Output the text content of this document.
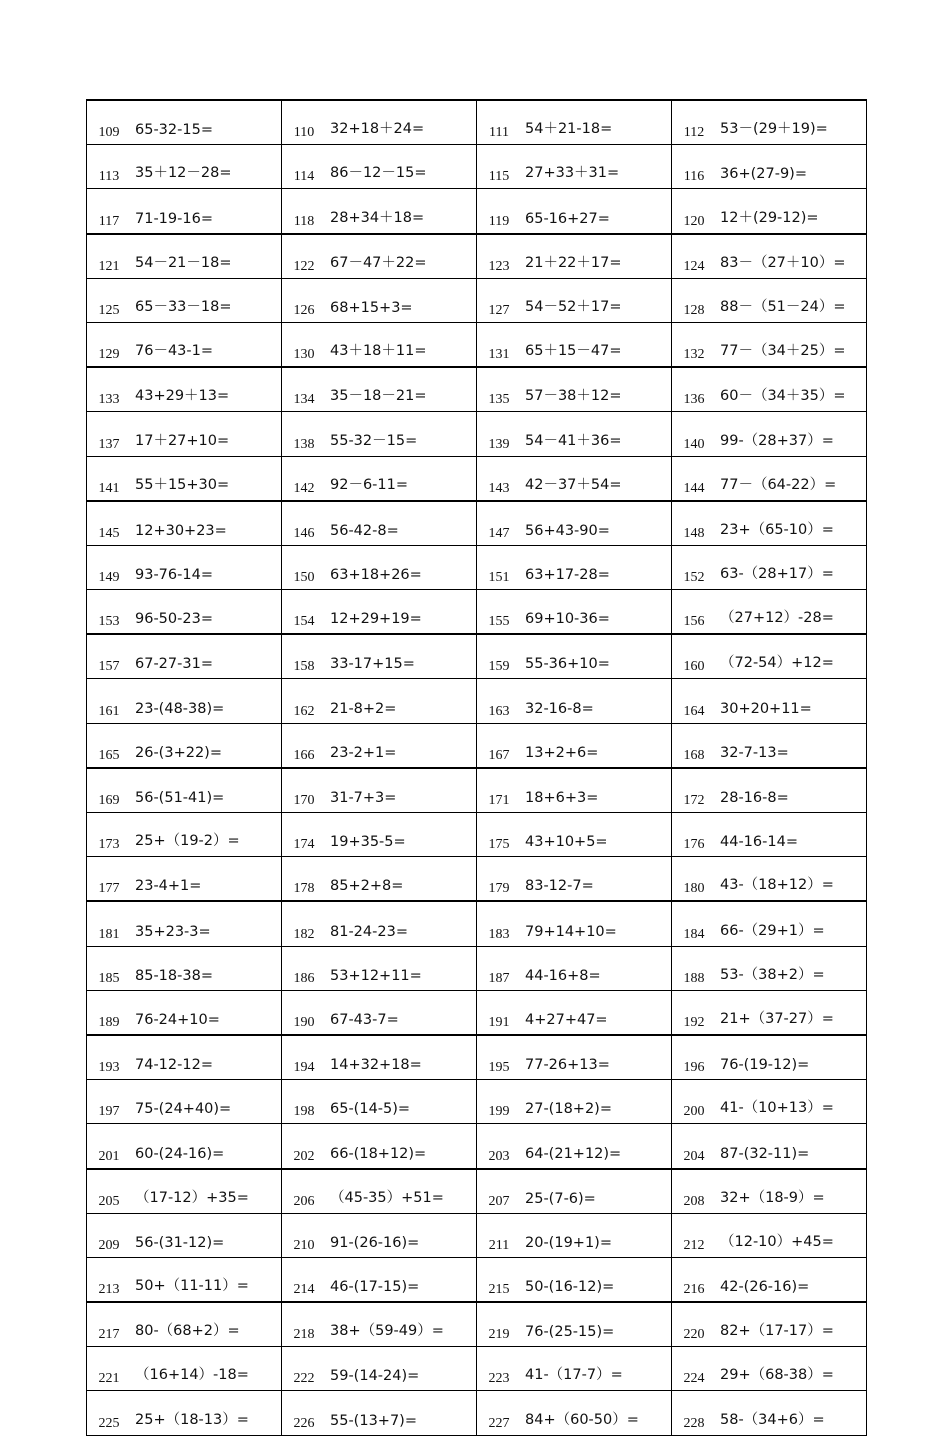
109	65-32-15=	110	32+18＋24=	111	54＋21-18=	112	53－(29＋19)=
113	35＋12－28=	114	86－12－15=	115	27+33＋31=	116	36+(27-9)=
117	71-19-16=	118	28+34＋18=	119	65-16+27=	120	12＋(29-12)=
121	54－21－18=	122	67－47＋22=	123	21＋22＋17=	124	83－（27＋10）=
125	65－33－18=	126	68+15+3=	127	54－52＋17=	128	88－（51－24）=
129	76－43-1=	130	43＋18＋11=	131	65＋15－47=	132	77－（34＋25）=
133	43+29＋13=	134	35－18－21=	135	57－38＋12=	136	60－（34＋35）=
137	17＋27+10=	138	55-32－15=	139	54－41＋36=	140	99-（28+37）=
141	55＋15+30=	142	92－6-11=	143	42－37＋54=	144	77－（64-22）=
145	12+30+23=	146	56-42-8=	147	56+43-90=	148	23+（65-10）=
149	93-76-14=	150	63+18+26=	151	63+17-28=	152	63-（28+17）=
153	96-50-23=	154	12+29+19=	155	69+10-36=	156	（27+12）-28=
157	67-27-31=	158	33-17+15=	159	55-36+10=	160	（72-54）+12=
161	23-(48-38)=	162	21-8+2=	163	32-16-8=	164	30+20+11=
165	26-(3+22)=	166	23-2+1=	167	13+2+6=	168	32-7-13=
169	56-(51-41)=	170	31-7+3=	171	18+6+3=	172	28-16-8=
173	25+（19-2）=	174	19+35-5=	175	43+10+5=	176	44-16-14=
177	23-4+1=	178	85+2+8=	179	83-12-7=	180	43-（18+12）=
181	35+23-3=	182	81-24-23=	183	79+14+10=	184	66-（29+1）=
185	85-18-38=	186	53+12+11=	187	44-16+8=	188	53-（38+2）=
189	76-24+10=	190	67-43-7=	191	4+27+47=	192	21+（37-27）=
193	74-12-12=	194	14+32+18=	195	77-26+13=	196	76-(19-12)=
197	75-(24+40)=	198	65-(14-5)=	199	27-(18+2)=	200	41-（10+13）=
201	60-(24-16)=	202	66-(18+12)=	203	64-(21+12)=	204	87-(32-11)=
205	（17-12）+35=	206	（45-35）+51=	207	25-(7-6)=	208	32+（18-9）=
209	56-(31-12)=	210	91-(26-16)=	211	20-(19+1)=	212	（12-10）+45=
213	50+（11-11）=	214	46-(17-15)=	215	50-(16-12)=	216	42-(26-16)=
217	80-（68+2）=	218	38+（59-49）=	219	76-(25-15)=	220	82+（17-17）=
221	（16+14）-18=	222	59-(14-24)=	223	41-（17-7）=	224	29+（68-38）=
225	25+（18-13）=	226	55-(13+7)=	227	84+（60-50）=	228	58-（34+6）=
